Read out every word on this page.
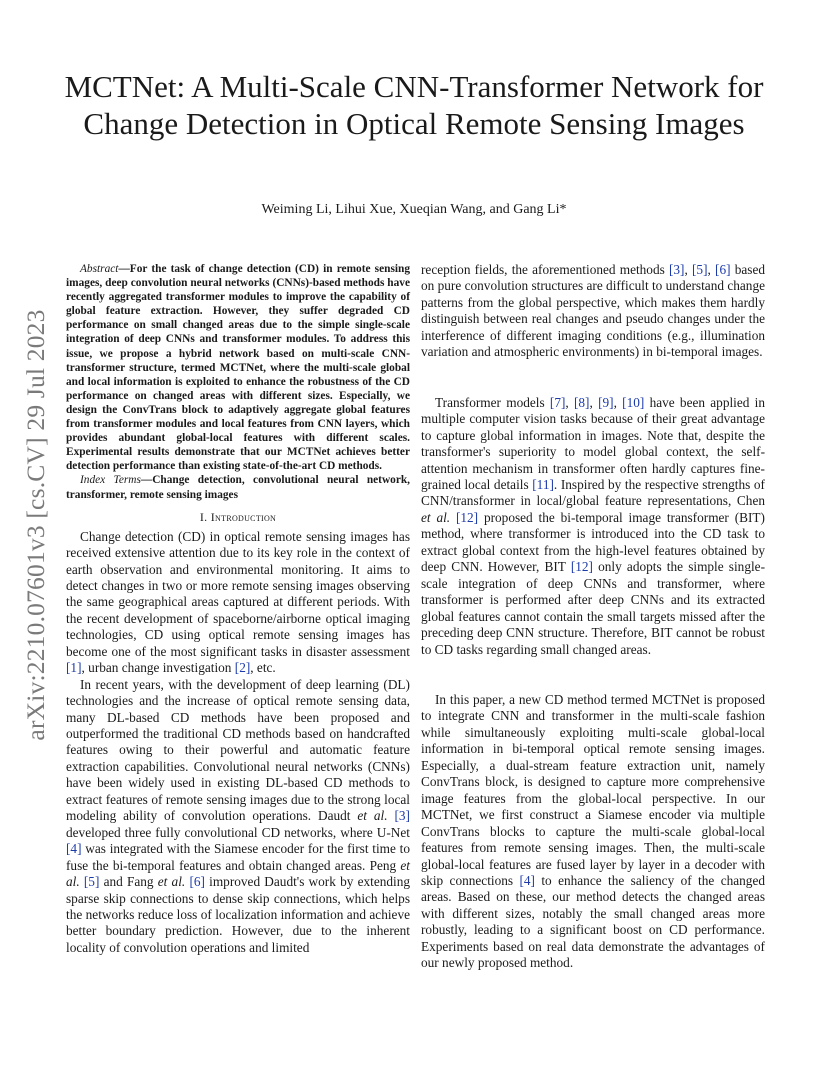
arXiv:2210.07601v3 [cs.CV] 29 Jul 2023
MCTNet: A Multi-Scale CNN-Transformer Network for Change Detection in Optical Remote Sensing Images
Weiming Li, Lihui Xue, Xueqian Wang, and Gang Li*

Abstract—For the task of change detection (CD) in remote sensing images, deep convolution neural networks (CNNs)-based methods have recently aggregated transformer modules to improve the capability of global feature extraction. However, they suffer degraded CD performance on small changed areas due to the simple single-scale integration of deep CNNs and transformer modules. To address this issue, we propose a hybrid network based on multi-scale CNN-transformer structure, termed MCTNet, where the multi-scale global and local information is exploited to enhance the robustness of the CD performance on changed areas with different sizes. Especially, we design the ConvTrans block to adaptively aggregate global features from transformer modules and local features from CNN layers, which provides abundant global-local features with different scales. Experimental results demonstrate that our MCTNet achieves better detection performance than existing state-of-the-art CD methods.

Index Terms—Change detection, convolutional neural network, transformer, remote sensing images

I. Introduction

Change detection (CD) in optical remote sensing images has received extensive attention due to its key role in the context of earth observation and environmental monitoring. It aims to detect changes in two or more remote sensing images observing the same geographical areas captured at different periods. With the recent development of spaceborne/airborne optical imaging technologies, CD using optical remote sensing images has become one of the most significant tasks in disaster assessment [1], urban change investigation [2], etc.

In recent years, with the development of deep learning (DL) technologies and the increase of optical remote sensing data, many DL-based CD methods have been proposed and outperformed the traditional CD methods based on handcrafted features owing to their powerful and automatic feature extraction capabilities. Convolutional neural networks (CNNs) have been widely used in existing DL-based CD methods to extract features of remote sensing images due to the strong local modeling ability of convolution operations. Daudt et al. [3] developed three fully convolutional CD networks, where U-Net [4] was integrated with the Siamese encoder for the first time to fuse the bi-temporal features and obtain changed areas. Peng et al. [5] and Fang et al. [6] improved Daudt's work by extending sparse skip connections to dense skip connections, which helps the networks reduce loss of localization information and achieve better boundary prediction. However, due to the inherent locality of convolution operations and limited

reception fields, the aforementioned methods [3], [5], [6] based on pure convolution structures are difficult to understand change patterns from the global perspective, which makes them hardly distinguish between real changes and pseudo changes under the interference of different imaging conditions (e.g., illumination variation and atmospheric environments) in bi-temporal images.

Transformer models [7], [8], [9], [10] have been applied in multiple computer vision tasks because of their great advantage to capture global information in images. Note that, despite the transformer's superiority to model global context, the self-attention mechanism in transformer often hardly captures fine-grained local details [11]. Inspired by the respective strengths of CNN/transformer in local/global feature representations, Chen et al. [12] proposed the bi-temporal image transformer (BIT) method, where transformer is introduced into the CD task to extract global context from the high-level features obtained by deep CNN. However, BIT [12] only adopts the simple single-scale integration of deep CNNs and transformer, where transformer is performed after deep CNNs and its extracted global features cannot contain the small targets missed after the preceding deep CNN structure. Therefore, BIT cannot be robust to CD tasks regarding small changed areas.

In this paper, a new CD method termed MCTNet is proposed to integrate CNN and transformer in the multi-scale fashion while simultaneously exploiting multi-scale global-local information in bi-temporal optical remote sensing images. Especially, a dual-stream feature extraction unit, namely ConvTrans block, is designed to capture more comprehensive image features from the global-local perspective. In our MCTNet, we first construct a Siamese encoder via multiple ConvTrans blocks to capture the multi-scale global-local features from remote sensing images. Then, the multi-scale global-local features are fused layer by layer in a decoder with skip connections [4] to enhance the saliency of the changed areas. Based on these, our method detects the changed areas with different sizes, notably the small changed areas more robustly, leading to a significant boost on CD performance. Experiments based on real data demonstrate the advantages of our newly proposed method.
